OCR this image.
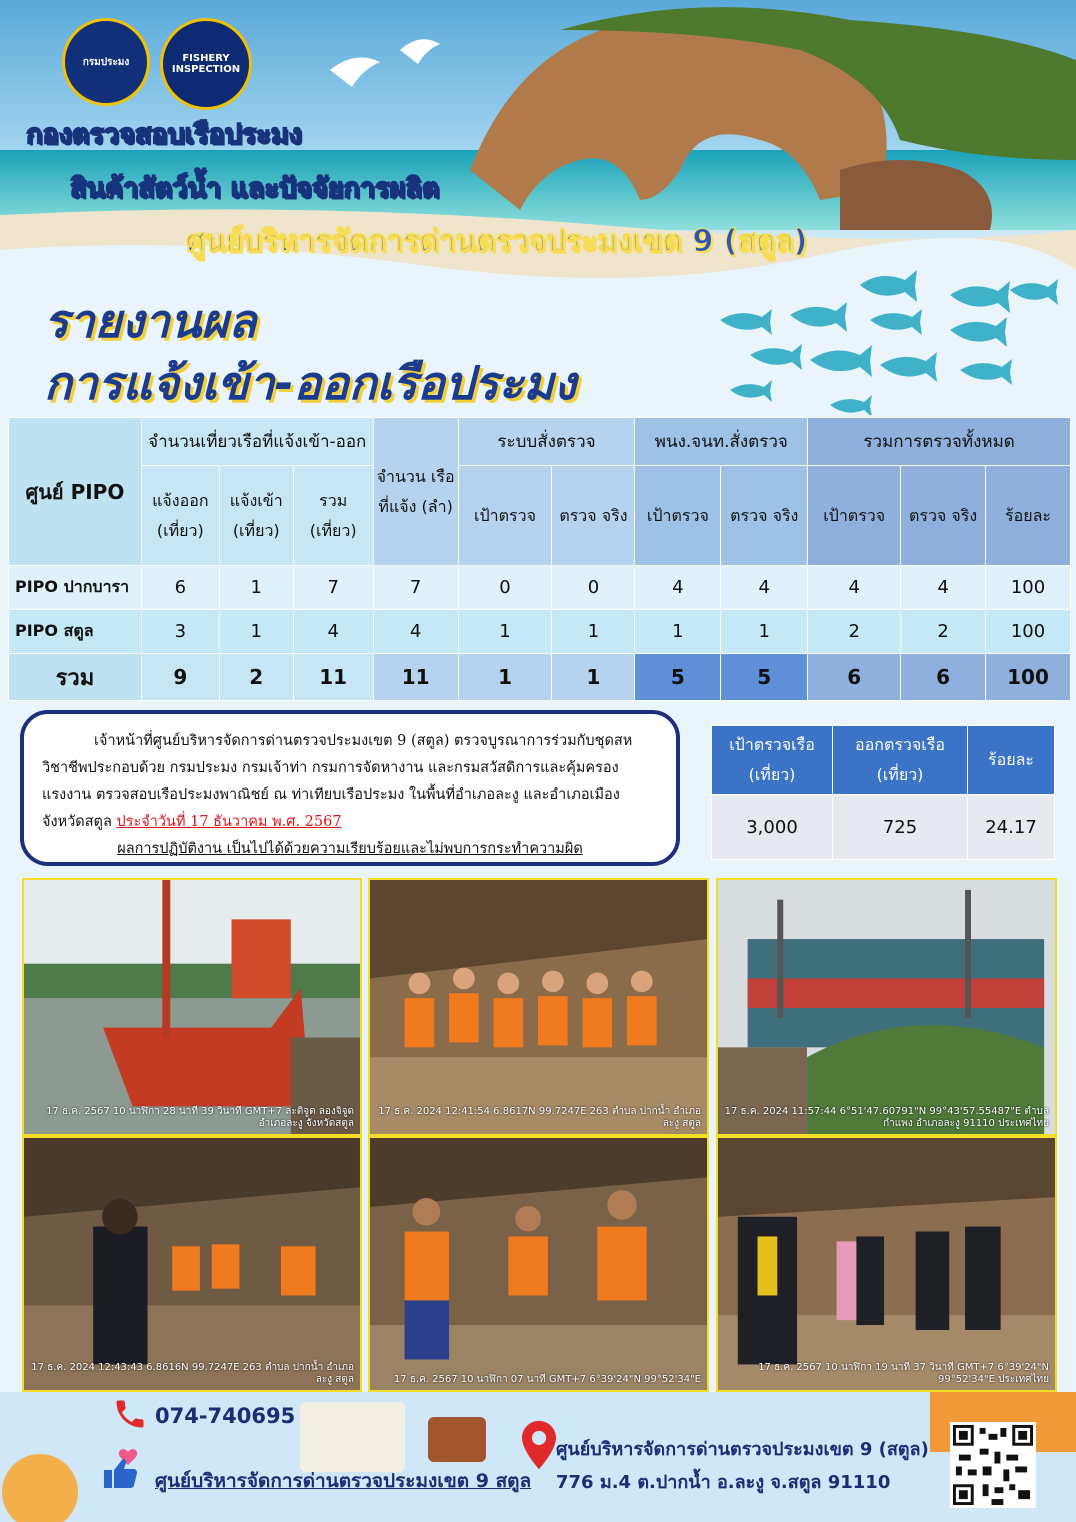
กรมประมง	FISHERY INSPECTION
กองตรวจสอบเรือประมง
สินค้าสัตว์น้ำ และปัจจัยการผลิต
ศูนย์บริหารจัดการด่านตรวจประมงเขต 9 (สตูล)
รายงานผล
การแจ้งเข้า-ออกเรือประมง
ศูนย์ PIPO	จำนวนเที่ยวเรือที่แจ้งเข้า-ออก			จำนวน เรือที่แจ้ง (ลำ)	ระบบสั่งตรวจ		พนง.จนท.สั่งตรวจ		รวมการตรวจทั้งหมด		
	แจ้งออก (เที่ยว)	แจ้งเข้า (เที่ยว)	รวม (เที่ยว)		เป้าตรวจ	ตรวจ จริง	เป้าตรวจ	ตรวจ จริง	เป้าตรวจ	ตรวจ จริง	ร้อยละ
PIPO ปากบารา	6	1	7	7	0	0	4	4	4	4	100
PIPO สตูล	3	1	4	4	1	1	1	1	2	2	100
รวม	9	2	11	11	1	1	5	5	6	6	100
เจ้าหน้าที่ศูนย์บริหารจัดการด่านตรวจประมงเขต 9 (สตูล) ตรวจบูรณาการร่วมกับชุดสหวิชาชีพประกอบด้วย กรมประมง กรมเจ้าท่า กรมการจัดหางาน และกรมสวัสดิการและคุ้มครองแรงงาน ตรวจสอบเรือประมงพาณิชย์ ณ ท่าเทียบเรือประมง ในพื้นที่อำเภอละงู และอำเภอเมือง จังหวัดสตูล ประจำวันที่ 17 ธันวาคม พ.ศ. 2567
ผลการปฏิบัติงาน เป็นไปได้ด้วยความเรียบร้อยและไม่พบการกระทำความผิด
เป้าตรวจเรือ (เที่ยว)	ออกตรวจเรือ (เที่ยว)	ร้อยละ
3,000	725	24.17
17 ธ.ค. 2567 10 นาฬิกา 28 นาที 39 วินาที GMT+7 ละติจูด ลองจิจูด อำเภอละงู จังหวัดสตูล
17 ธ.ค. 2024 12:41:54 6.8617N 99.7247E 263 ตำบล ปากน้ำ อำเภอละงู สตูล
17 ธ.ค. 2024 11:57:44 6°51'47.60791"N 99°43'57.55487"E ตำบล กำแพง อำเภอละงู 91110 ประเทศไทย
17 ธ.ค. 2024 12:43:43 6.8616N 99.7247E 263 ตำบล ปากน้ำ อำเภอละงู สตูล	17 ธ.ค. 2567 10 นาฬิกา 07 นาที GMT+7 6°39'24"N 99°52'34"E
17 ธ.ค. 2567 10 นาฬิกา 19 นาที 37 วินาที GMT+7 6°39'24"N 99°52'34"E ประเทศไทย
074-740695
ศูนย์บริหารจัดการด่านตรวจประมงเขต 9 สตูล
ศูนย์บริหารจัดการด่านตรวจประมงเขต 9 (สตูล)
776 ม.4 ต.ปากน้ำ อ.ละงู จ.สตูล 91110
